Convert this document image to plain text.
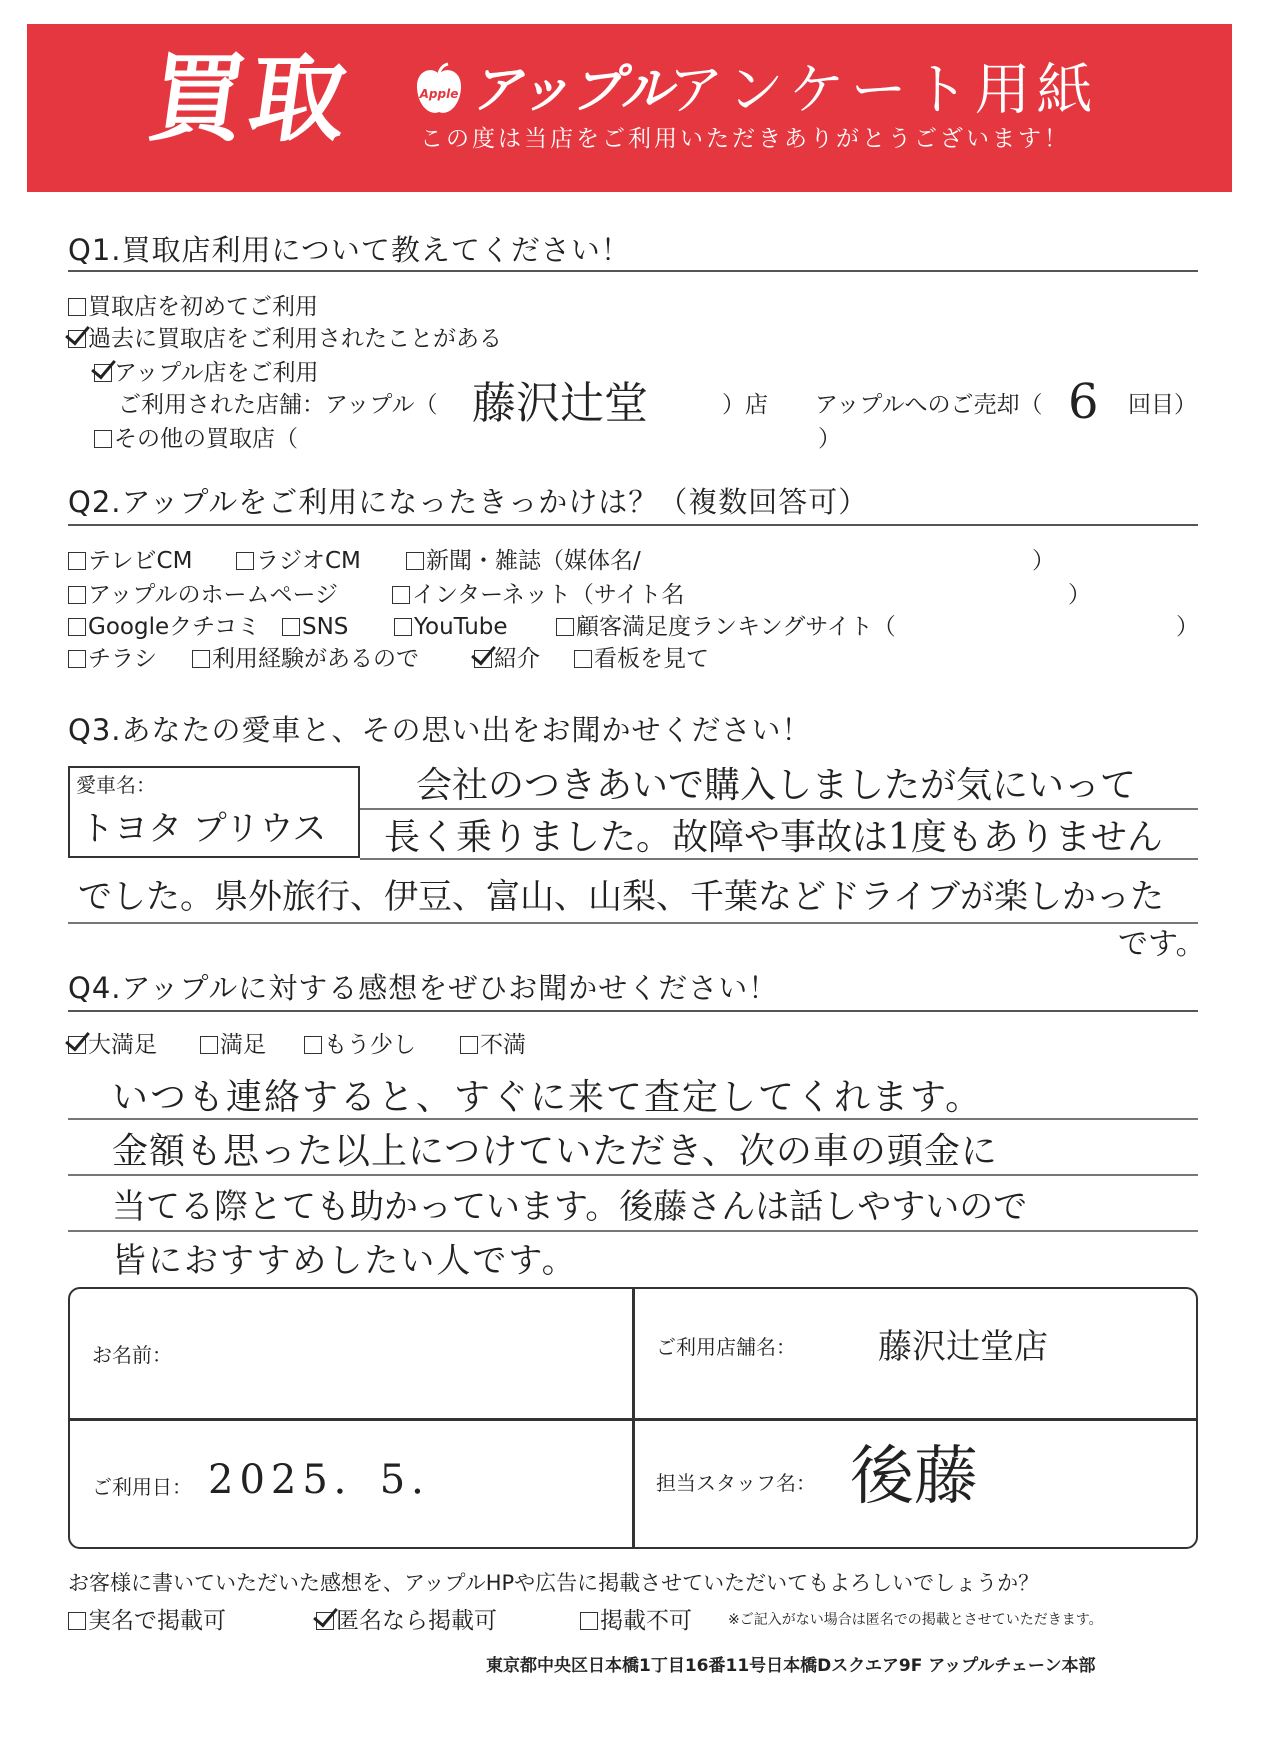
買取	Apple アップル
アンケート用紙
この度は当店をご利用いただきありがとうございます！
Q1.買取店利用について教えてください！
買取店を初めてご利用
過去に買取店をご利用されたことがある
アップル店をご利用
ご利用された店舗：アップル（ 藤沢辻堂	）店 アップルへのご売却（ 6 回目）
その他の買取店（	）
Q2.アップルをご利用になったきっかけは？（複数回答可）
テレビCM	ラジオCM	新聞・雑誌（媒体名/	）
アップルのホームページ	インターネット（サイト名	）
Googleクチコミ	SNS	YouTube	顧客満足度ランキングサイト（	）
チラシ	利用経験があるので	紹介	看板を見て
Q3.あなたの愛車と、その思い出をお聞かせください！
愛車名：
トヨタ プリウス
会社のつきあいで購入しましたが気にいって
長く乗りました。故障や事故は1度もありません
でした。県外旅行、伊豆、富山、山梨、千葉などドライブが楽しかった
です。
Q4.アップルに対する感想をぜひお聞かせください！
大満足	満足	もう少し	不満
いつも連絡すると、すぐに来て査定してくれます。
金額も思った以上につけていただき、次の車の頭金に
当てる際とても助かっています。後藤さんは話しやすいので
皆におすすめしたい人です。
お名前：	ご利用店舗名： 藤沢辻堂店
ご利用日： 2025．5．	担当スタッフ名： 後藤
お客様に書いていただいた感想を、アップルHPや広告に掲載させていただいてもよろしいでしょうか？
実名で掲載可	匿名なら掲載可	掲載不可	※ご記入がない場合は匿名での掲載とさせていただきます。
東京都中央区日本橋1丁目16番11号日本橋Dスクエア9F アップルチェーン本部
